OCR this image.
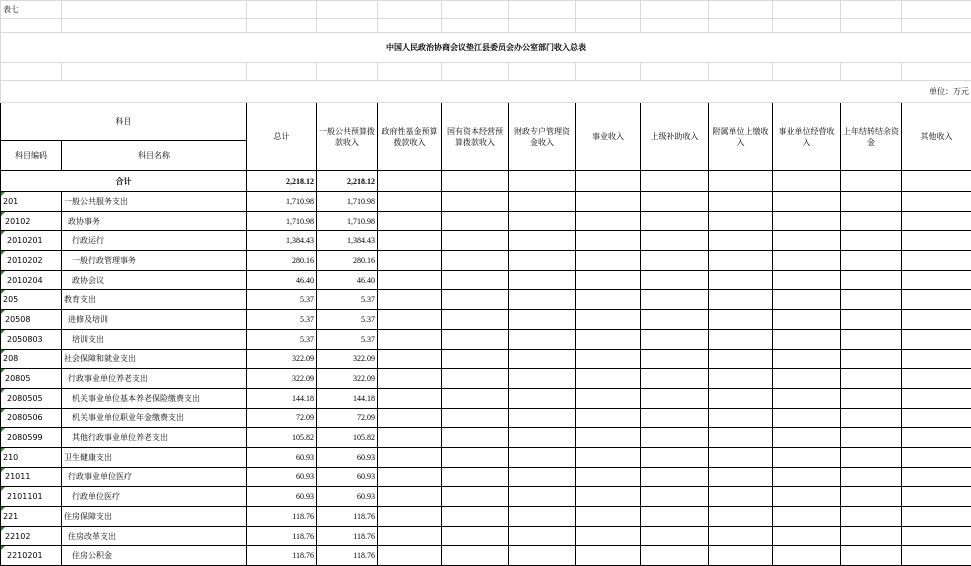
表七												

中国人民政治协商会议垫江县委员会办公室部门收入总表												

单位：万元												
科目		总计	一般公共预算拨款收入	政府性基金预算拨款收入	国有资本经营预算拨款收入	财政专户管理资金收入	事业收入	上级补助收入	附属单位上缴收入	事业单位经营收入	上年结转结余资金	其他收入
科目编码	科目名称											
合计		2,218.12	2,218.12									

201	一般公共服务支出	1,710.98	1,710.98									

20102	政协事务	1,710.98	1,710.98									

2010201	行政运行	1,384.43	1,384.43									

2010202	一般行政管理事务	280.16	280.16									

2010204	政协会议	46.40	46.40									

205	教育支出	5.37	5.37									

20508	进修及培训	5.37	5.37									

2050803	培训支出	5.37	5.37									

208	社会保障和就业支出	322.09	322.09									

20805	行政事业单位养老支出	322.09	322.09									

2080505	机关事业单位基本养老保险缴费支出	144.18	144.18									

2080506	机关事业单位职业年金缴费支出	72.09	72.09									

2080599	其他行政事业单位养老支出	105.82	105.82									

210	卫生健康支出	60.93	60.93									

21011	行政事业单位医疗	60.93	60.93									

2101101	行政单位医疗	60.93	60.93									

221	住房保障支出	118.76	118.76									

22102	住房改革支出	118.76	118.76									

2210201	住房公积金	118.76	118.76									
